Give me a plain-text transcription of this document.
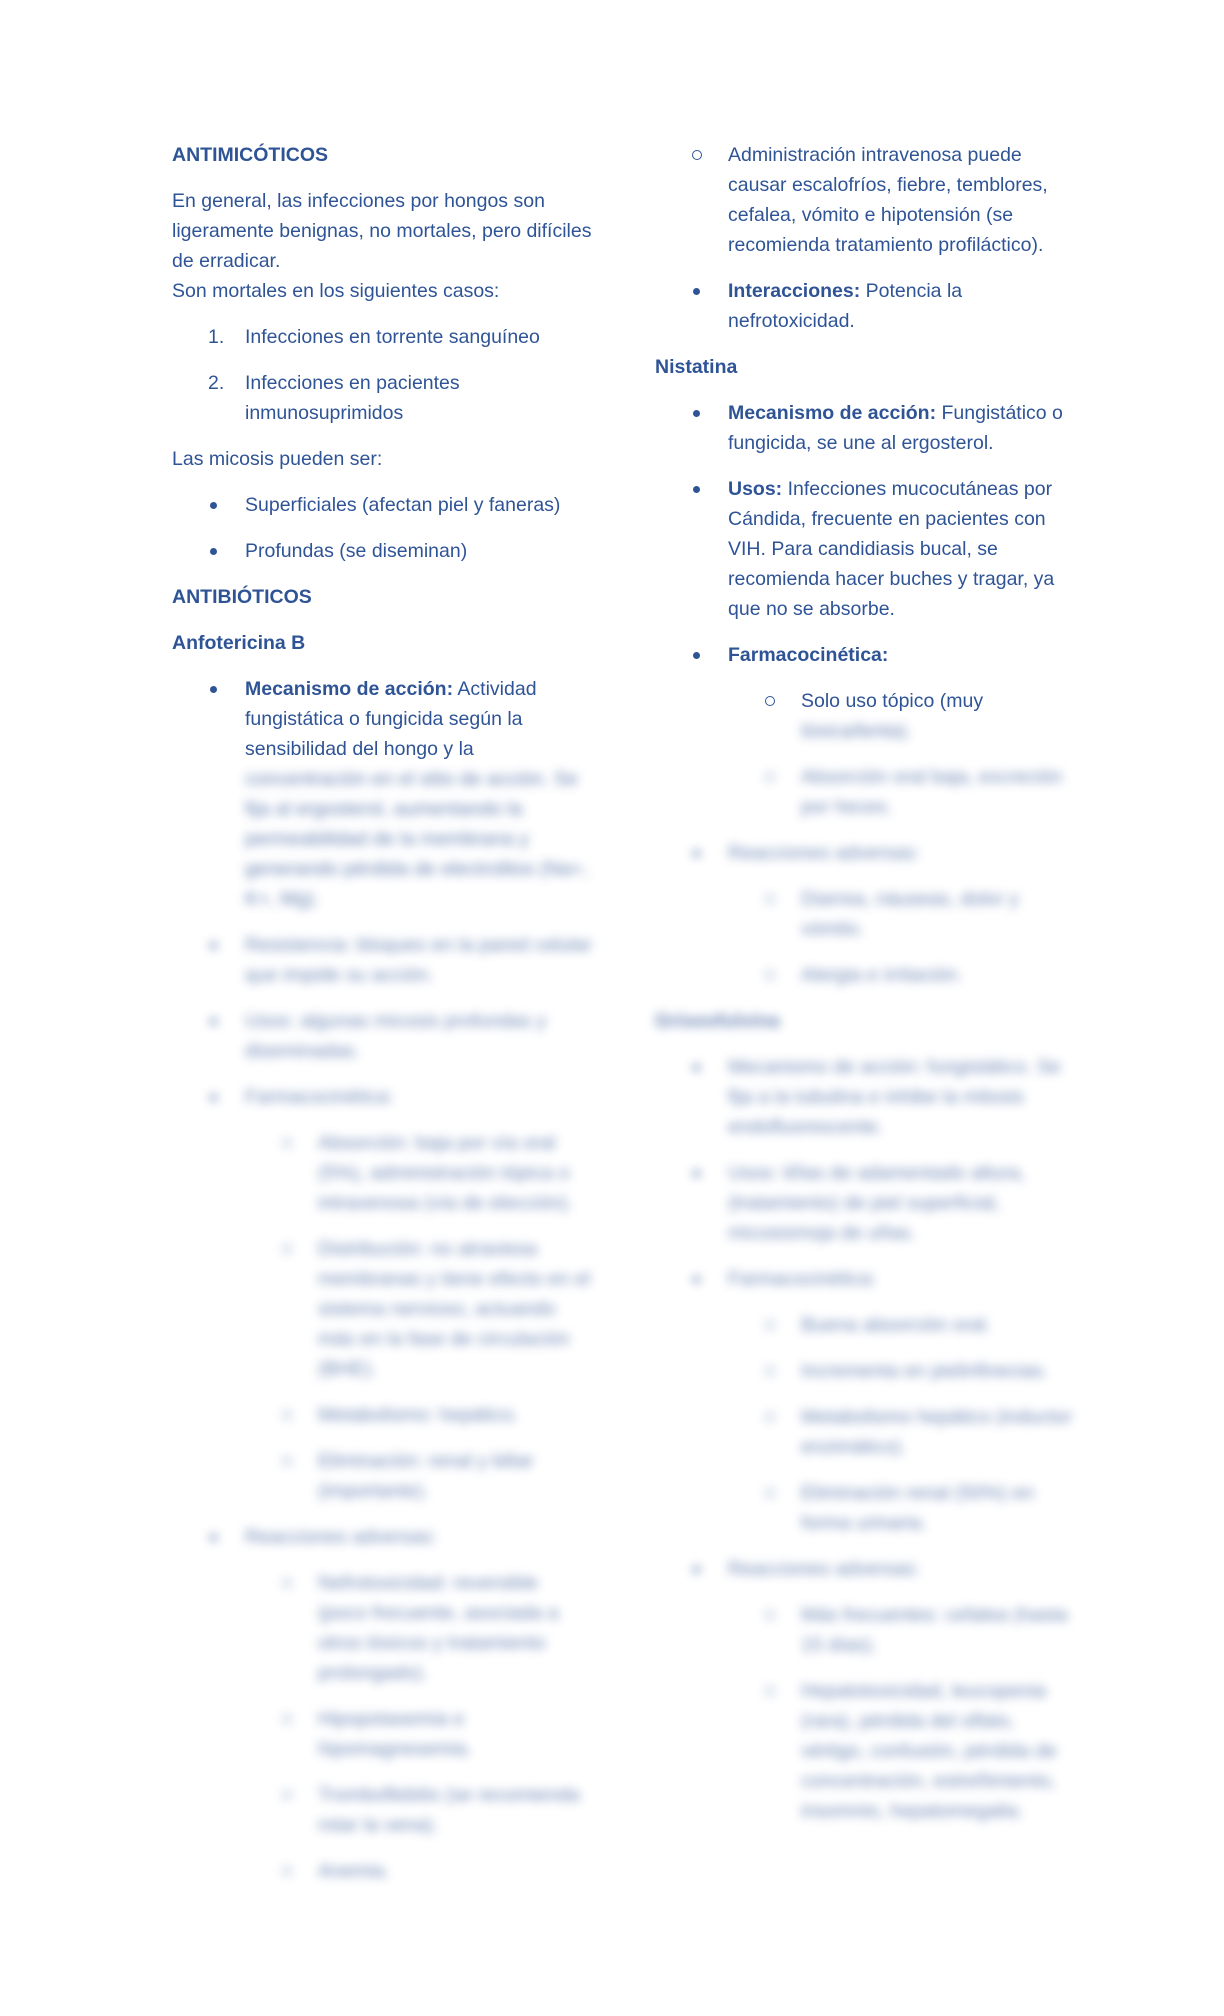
ANTIMICÓTICOS

En general, las infecciones por hongos son ligeramente benignas, no mortales, pero difíciles de erradicar.
Son mortales en los siguientes casos:

1. Infecciones en torrente sanguíneo
2. Infecciones en pacientes inmunosuprimidos

Las micosis pueden ser:

Superficiales (afectan piel y faneras)
Profundas (se diseminan)
ANTIBIÓTICOS
Anfotericina B
Mecanismo de acción: Actividad fungistática o fungicida según la sensibilidad del hongo y la concentración en el sitio de acción. Se fija al ergosterol, aumentando la permeabilidad de la membrana y generando pérdida de electrolitos (Na+, K+, Mg).
Resistencia: bloqueo en la pared celular que impide su acción.
Usos: algunas micosis profundas y diseminadas.
Farmacocinética:
Absorción: baja por vía oral (5%), administración tópica o intravenosa (vía de elección).
Distribución: no atraviesa membranas y tiene efecto en el sistema nervioso, actuando más en la fase de circulación (BHE).
Metabolismo: hepático.
Eliminación: renal y biliar (importante).
Reacciones adversas:
Nefrotoxicidad: reversible (poco frecuente, asociada a otros tóxicos y tratamiento prolongado).
Hipopotasemia e hipomagnesemia.
Tromboflebitis (se recomienda rotar la vena).
Anemia.
Administración intravenosa puede causar escalofríos, fiebre, temblores, cefalea, vómito e hipotensión (se recomienda tratamiento profiláctico).
Interacciones: Potencia la nefrotoxicidad.
Nistatina
Mecanismo de acción: Fungistático o fungicida, se une al ergosterol.
Usos: Infecciones mucocutáneas por Cándida, frecuente en pacientes con VIH. Para candidiasis bucal, se recomienda hacer buches y tragar, ya que no se absorbe.
Farmacocinética:
Solo uso tópico (muy tóxica/lenta).
Absorción oral baja, excreción por heces.
Reacciones adversas:
Diarrea, náuseas, dolor y vómito.
Alergia e irritación.
Griseofulvina
Mecanismo de acción: fungistático. Se fija a la tubulina e inhibe la mitosis endofluorescente.
Usos: tiñas de adamentado altura, (tratamiento) de piel superficial, micosismoja de uñas.
Farmacocinética:
Buena absorción oral.
Incrementa en pielinfinecias.
Metabolismo hepático (inductor enzimático).
Eliminación renal (50%) en forma urinaria.
Reacciones adversas:
Más frecuentes: cefalea (hasta 15 días).
Hepatotoxicidad, leucopenia (rara), pérdida del olfato, vértigo, confusión, pérdida de concentración, estreñimiento, insomnio, hepatomegalia.
